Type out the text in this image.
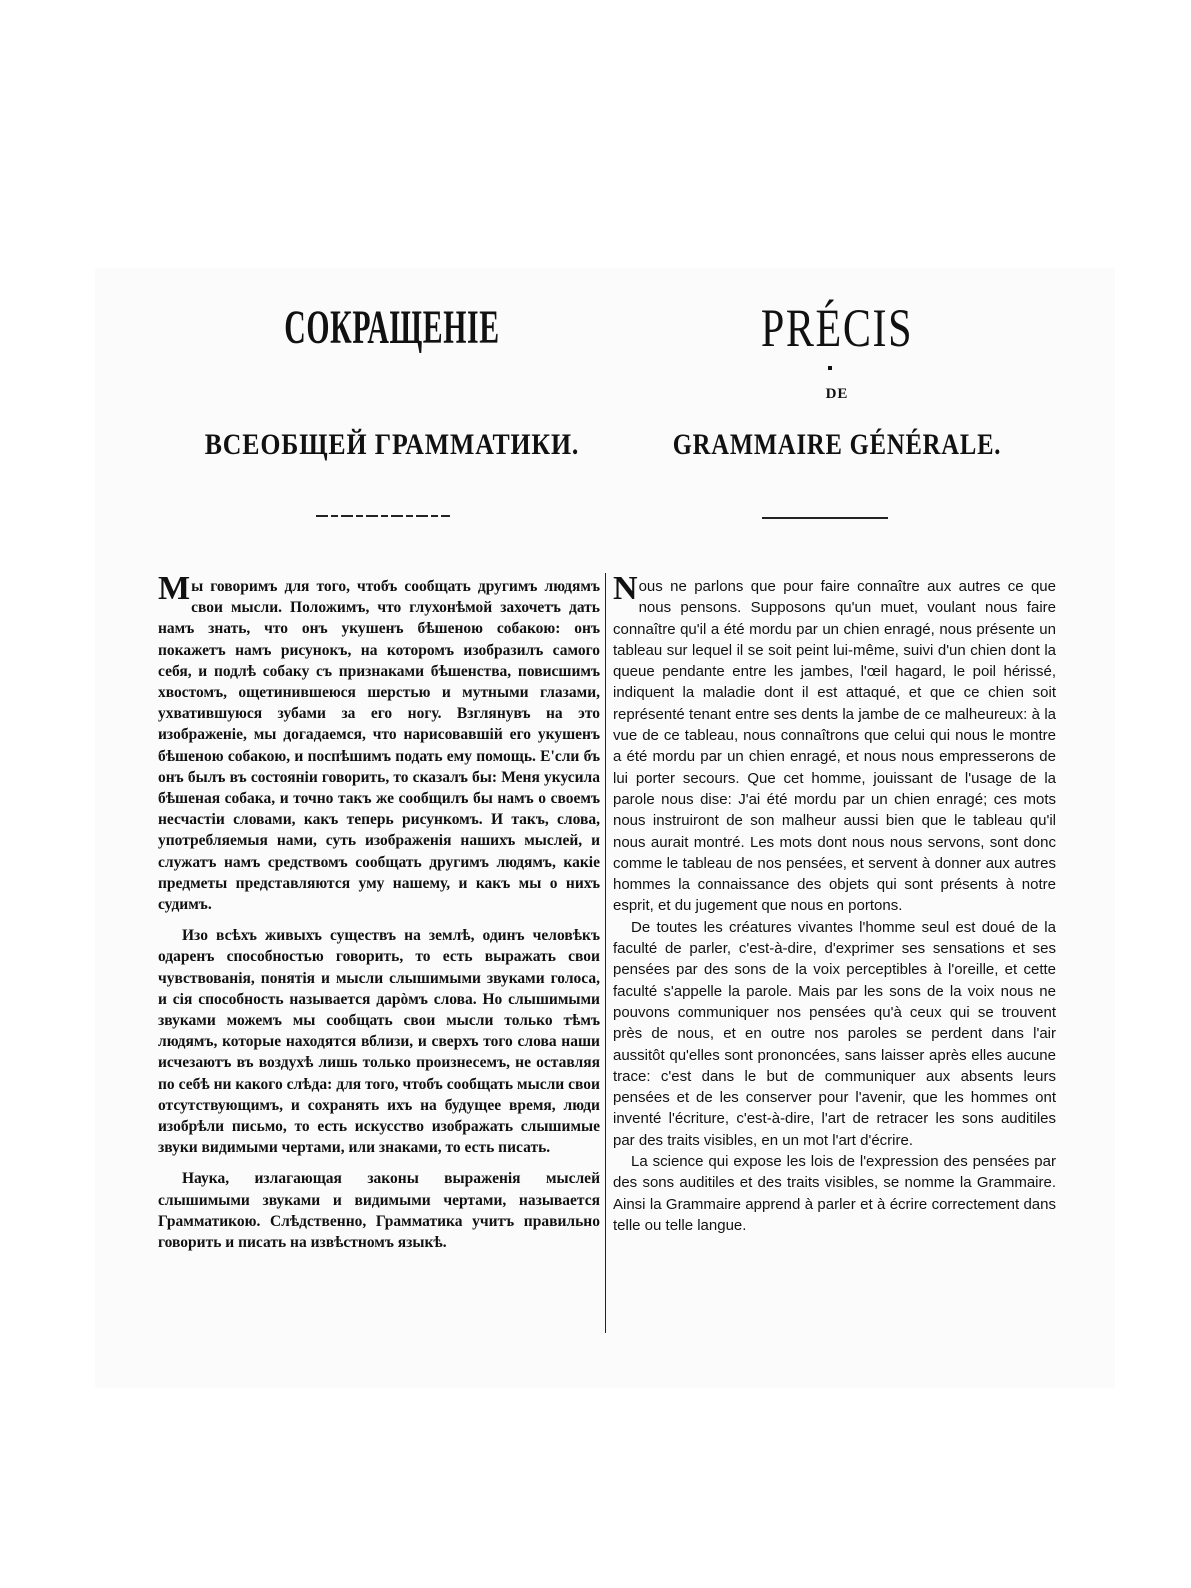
СОКРАЩЕНIЕ
ВСЕОБЩЕЙ ГРАММАТИКИ.
PRÉCIS
DE
GRAMMAIRE GÉNÉRALE.

Мы говоримъ для того, чтобъ сообщать другимъ людямъ свои мысли. Положимъ, что глухонѣмой захочетъ дать намъ знать, что онъ укушенъ бѣшеною собакою: онъ покажетъ намъ рисунокъ, на которомъ изобразилъ самого себя, и подлѣ собаку съ признаками бѣшенства, повисшимъ хвостомъ, ощетинившеюся шерстью и мутными глазами, ухватившуюся зубами за его ногу. Взглянувъ на это изображенiе, мы догадаемся, что нарисовавшiй его укушенъ бѣшеною собакою, и поспѣшимъ подать ему помощь. Е'сли бъ онъ былъ въ состоянiи говорить, то сказалъ бы: Меня укусила бѣшеная собака, и точно такъ же сообщилъ бы намъ о своемъ несчастiи словами, какъ теперь рисункомъ. И такъ, слова, употребляемыя нами, суть изображенiя нашихъ мыслей, и служатъ намъ средствомъ сообщать другимъ людямъ, какiе предметы представляются уму нашему, и какъ мы о нихъ судимъ.

Изо всѣхъ живыхъ существъ на землѣ, одинъ человѣкъ одаренъ способностью говорить, то есть выражать свои чувствованiя, понятiя и мысли слышимыми звуками голоса, и сiя способность называется дарòмъ слова. Но слышимыми звуками можемъ мы сообщать свои мысли только тѣмъ людямъ, которые находятся вблизи, и сверхъ того слова наши исчезаютъ въ воздухѣ лишь только произнесемъ, не оставляя по себѣ ни какого слѣда: для того, чтобъ сообщать мысли свои отсутствующимъ, и сохранять ихъ на будущее время, люди изобрѣли письмо, то есть искусство изображать слышимые звуки видимыми чертами, или знаками, то есть писать.

Наука, излагающая законы выраженiя мыслей слышимыми звуками и видимыми чертами, называется Грамматикою. Слѣдственно, Грамматика учитъ правильно говорить и писать на извѣстномъ языкѣ.

Nous ne parlons que pour faire connaître aux autres ce que nous pensons. Supposons qu'un muet, voulant nous faire connaître qu'il a été mordu par un chien enragé, nous présente un tableau sur lequel il se soit peint lui-même, suivi d'un chien dont la queue pendante entre les jambes, l'œil hagard, le poil hérissé, indiquent la maladie dont il est attaqué, et que ce chien soit représenté tenant entre ses dents la jambe de ce malheureux: à la vue de ce tableau, nous connaîtrons que celui qui nous le montre a été mordu par un chien enragé, et nous nous empresserons de lui porter secours. Que cet homme, jouissant de l'usage de la parole nous dise: J'ai été mordu par un chien enragé; ces mots nous instruiront de son malheur aussi bien que le tableau qu'il nous aurait montré. Les mots dont nous nous servons, sont donc comme le tableau de nos pensées, et servent à donner aux autres hommes la connaissance des objets qui sont présents à notre esprit, et du jugement que nous en portons.

De toutes les créatures vivantes l'homme seul est doué de la faculté de parler, c'est-à-dire, d'exprimer ses sensations et ses pensées par des sons de la voix perceptibles à l'oreille, et cette faculté s'appelle la parole. Mais par les sons de la voix nous ne pouvons communiquer nos pensées qu'à ceux qui se trouvent près de nous, et en outre nos paroles se perdent dans l'air aussitôt qu'elles sont prononcées, sans laisser après elles aucune trace: c'est dans le but de communiquer aux absents leurs pensées et de les conserver pour l'avenir, que les hommes ont inventé l'écriture, c'est-à-dire, l'art de retracer les sons auditiles par des traits visibles, en un mot l'art d'écrire.

La science qui expose les lois de l'expression des pensées par des sons auditiles et des traits visibles, se nomme la Grammaire. Ainsi la Grammaire apprend à parler et à écrire correctement dans telle ou telle langue.
